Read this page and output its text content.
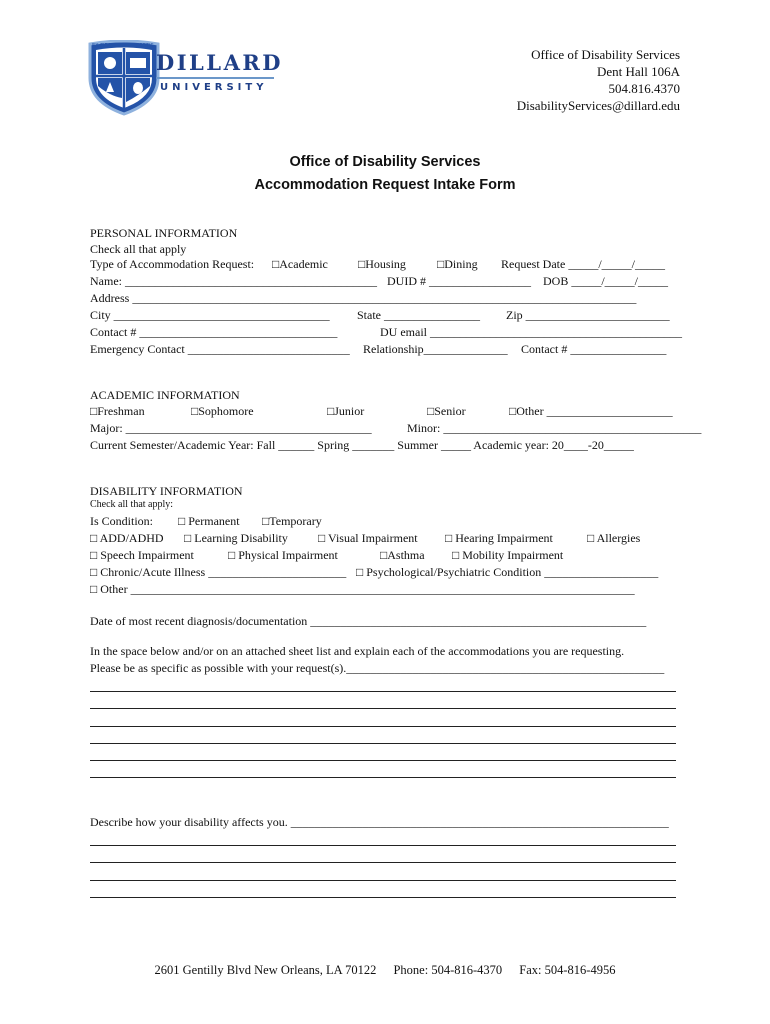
EX FIDE	FORTIS
DILLARD
UNIVERSITY
Office of Disability Services
Dent Hall 106A
504.816.4370
DisabilityServices@dillard.edu
Office of Disability Services
Accommodation Request Intake Form
PERSONAL INFORMATION
Check all that apply
Type of Accommodation Request: □Academic	□Housing	□Dining Request Date _____/_____/_____
Name: __________________________________________ DUID # _________________ DOB _____/_____/_____
Address ____________________________________________________________________________________
City ____________________________________ State ________________ Zip ________________________
Contact # _________________________________	DU email __________________________________________
Emergency Contact ___________________________ Relationship______________ Contact # ________________
ACADEMIC INFORMATION
□Freshman	□Sophomore	□Junior	□Senior	□Other _____________________
Major: _________________________________________	Minor: ___________________________________________
Current Semester/Academic Year: Fall ______ Spring _______ Summer _____ Academic year: 20____-20_____
DISABILITY INFORMATION
Check all that apply:
Is Condition: □ Permanent □Temporary
□ ADD/ADHD □ Learning Disability	□ Visual Impairment □ Hearing Impairment	□ Allergies
□ Speech Impairment	□ Physical Impairment	□Asthma □ Mobility Impairment
□ Chronic/Acute Illness _______________________ □ Psychological/Psychiatric Condition ___________________
□ Other ____________________________________________________________________________________
Date of most recent diagnosis/documentation ________________________________________________________
In the space below and/or on an attached sheet list and explain each of the accommodations you are requesting.
Please be as specific as possible with your request(s)._____________________________________________________
Describe how your disability affects you. _______________________________________________________________
2601 Gentilly Blvd New Orleans, LA 70122 Phone: 504-816-4370 Fax: 504-816-4956
